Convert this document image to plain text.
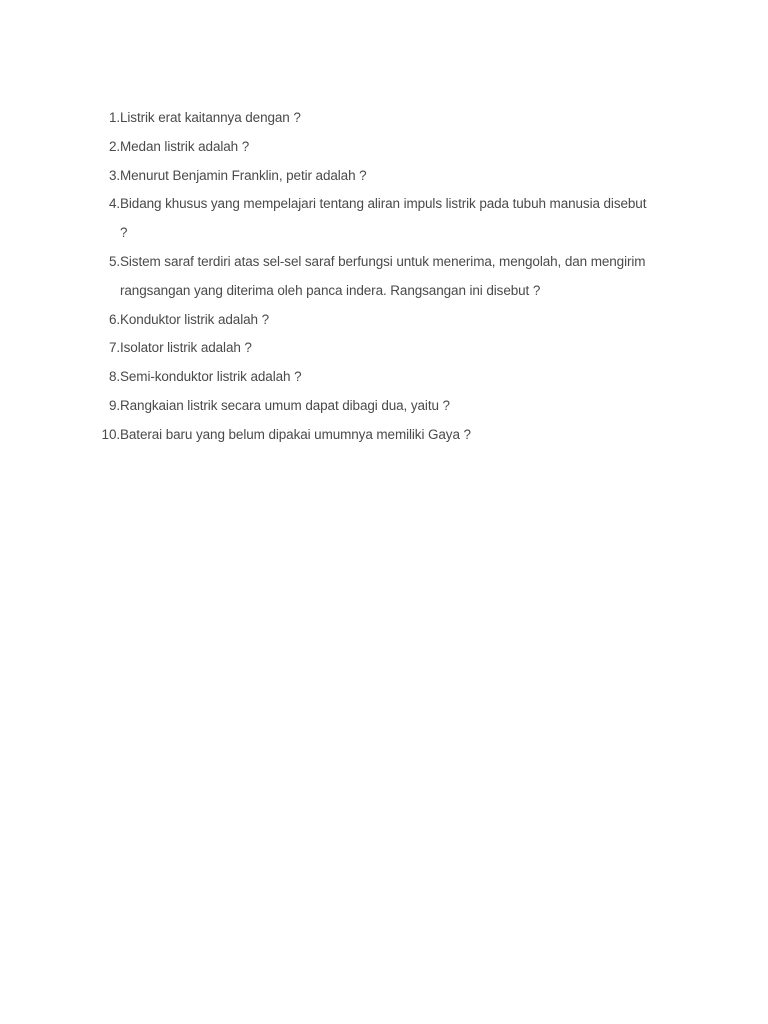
1. Listrik erat kaitannya dengan ?
2. Medan listrik adalah ?
3. Menurut Benjamin Franklin, petir adalah ?
4. Bidang khusus yang mempelajari tentang aliran impuls listrik pada tubuh manusia disebut ?
5. Sistem saraf terdiri atas sel-sel saraf berfungsi untuk menerima, mengolah, dan mengirim rangsangan yang diterima oleh panca indera. Rangsangan ini disebut ?
6. Konduktor listrik adalah ?
7. Isolator listrik adalah ?
8. Semi-konduktor listrik adalah ?
9. Rangkaian listrik secara umum dapat dibagi dua, yaitu ?
10. Baterai baru yang belum dipakai umumnya memiliki Gaya ?
